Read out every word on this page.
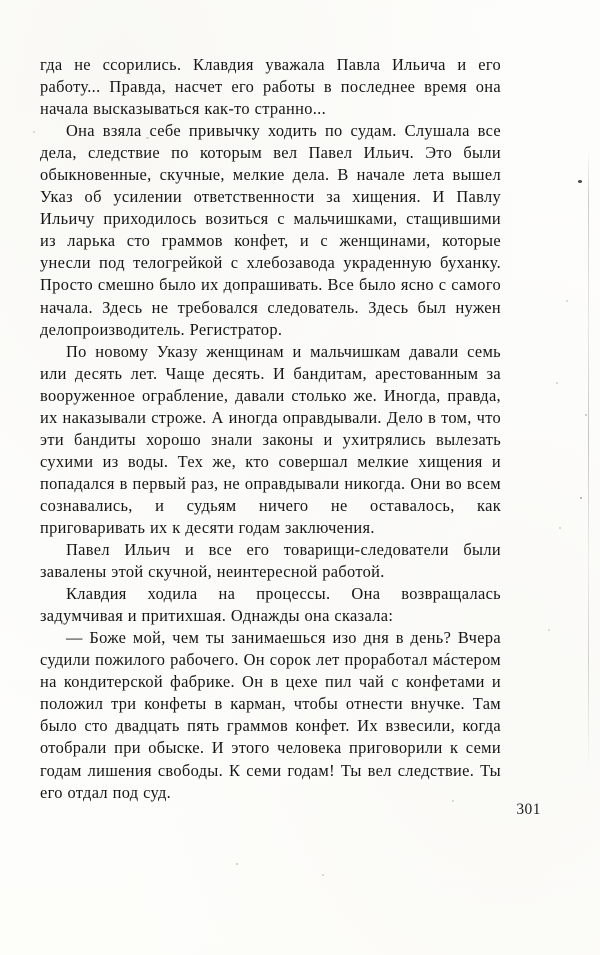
гда не ссорились. Клавдия уважала Павла Ильича и его работу... Правда, насчет его работы в последнее время она начала высказываться как-то странно...

Она взяла себе привычку ходить по судам. Слушала все дела, следствие по которым вел Павел Ильич. Это были обыкновенные, скучные, мелкие дела. В начале лета вышел Указ об усилении ответственности за хищения. И Павлу Ильичу приходилось возиться с мальчишками, стащившими из ларька сто граммов конфет, и с женщинами, которые унесли под телогрейкой с хлебозавода украденную буханку. Просто смешно было их допрашивать. Все было ясно с самого начала. Здесь не требовался следователь. Здесь был нужен делопроизводитель. Регистратор.

По новому Указу женщинам и мальчишкам давали семь или десять лет. Чаще десять. И бандитам, арестованным за вооруженное ограбление, давали столько же. Иногда, правда, их наказывали строже. А иногда оправдывали. Дело в том, что эти бандиты хорошо знали законы и ухитрялись вылезать сухими из воды. Тех же, кто совершал мелкие хищения и попадался в первый раз, не оправдывали никогда. Они во всем сознавались, и судьям ничего не оставалось, как приговаривать их к десяти годам заключения.

Павел Ильич и все его товарищи-следователи были завалены этой скучной, неинтересной работой.

Клавдия ходила на процессы. Она возвращалась задумчивая и притихшая. Однажды она сказала:

— Боже мой, чем ты занимаешься изо дня в день? Вчера судили пожилого рабочего. Он сорок лет проработал мáстером на кондитерской фабрике. Он в цехе пил чай с конфетами и положил три конфеты в карман, чтобы отнести внучке. Там было сто двадцать пять граммов конфет. Их взвесили, когда отобрали при обыске. И этого человека приговорили к семи годам лишения свободы. К семи годам! Ты вел следствие. Ты его отдал под суд.

301
